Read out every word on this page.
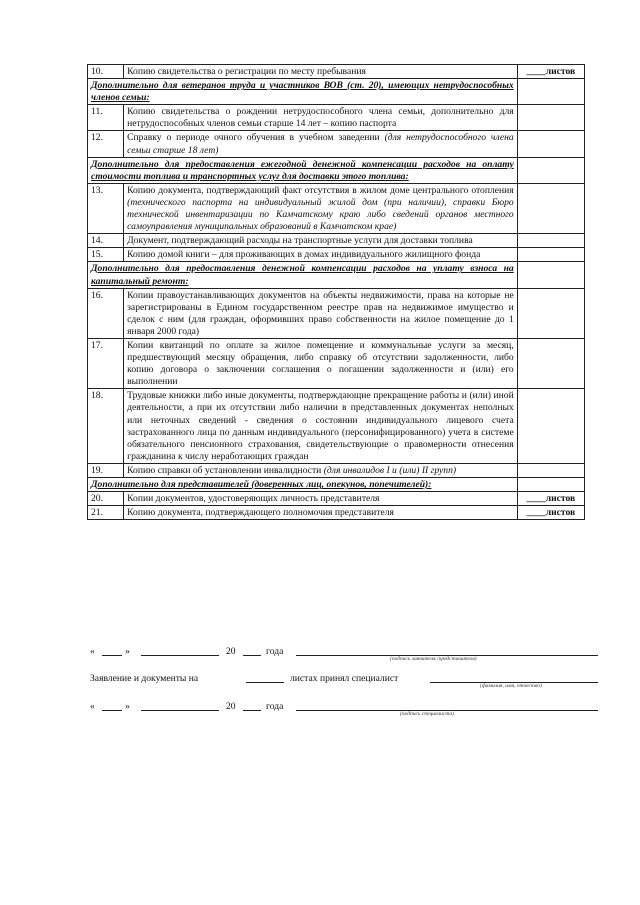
10.	Копию свидетельства о регистрации по месту пребывания	____листов
Дополнительно для ветеранов труда и участников ВОВ (ст. 20), имеющих нетрудоспособных членов семьи:		
11.	Копию свидетельства о рождении нетрудоспособного члена семьи, дополнительно для нетрудоспособных членов семьи старше 14 лет – копию паспорта	
12.	Справку о периоде очного обучения в учебном заведении (для нетрудоспособного члена семьи старше 18 лет)	
Дополнительно для предоставления ежегодной денежной компенсации расходов на оплату стоимости топлива и транспортных услуг для доставки этого топлива:		
13.	Копию документа, подтверждающий факт отсутствия в жилом доме центрального отопления (технического паспорта на индивидуальный жилой дом (при наличии), справки Бюро технической инвентаризации по Камчатскому краю либо сведений органов местного самоуправления муниципальных образований в Камчатском крае)	
14.	Документ, подтверждающий расходы на транспортные услуги для доставки топлива	
15.	Копию домой книги – для проживающих в домах индивидуального жилищного фонда	
Дополнительно для предоставления денежной компенсации расходов на уплату взноса на капитальный ремонт:		
16.	Копии правоустанавливающих документов на объекты недвижимости, права на которые не зарегистрированы в Едином государственном реестре прав на недвижимое имущество и сделок с ним (для граждан, оформивших право собственности на жилое помещение до 1 января 2000 года)	
17.	Копии квитанций по оплате за жилое помещение и коммунальные услуги за месяц, предшествующий месяцу обращения, либо справку об отсутствии задолженности, либо копию договора о заключении соглашения о погашении задолженности и (или) его выполнении	
18.	Трудовые книжки либо иные документы, подтверждающие прекращение работы и (или) иной деятельности, а при их отсутствии либо наличии в представленных документах неполных или неточных сведений - сведения о состоянии индивидуального лицевого счета застрахованного лица по данным индивидуального (персонифицированного) учета в системе обязательного пенсионного страхования, свидетельствующие о правомерности отнесения гражданина к числу неработающих граждан	
19.	Копию справки об установлении инвалидности (для инвалидов I и (или) II групп)	
Дополнительно для представителей (доверенных лиц, опекунов, попечителей):		
20.	Копии документов, удостоверяющих личность представителя	____листов
21.	Копию документа, подтверждающего полномочия представителя	____листов
«	»	20	года
(подпись заявителя /представителя)
Заявление и документы на	листах принял специалист
(фамилия, имя, отчество)
«	»	20	года
(подпись специалиста)
